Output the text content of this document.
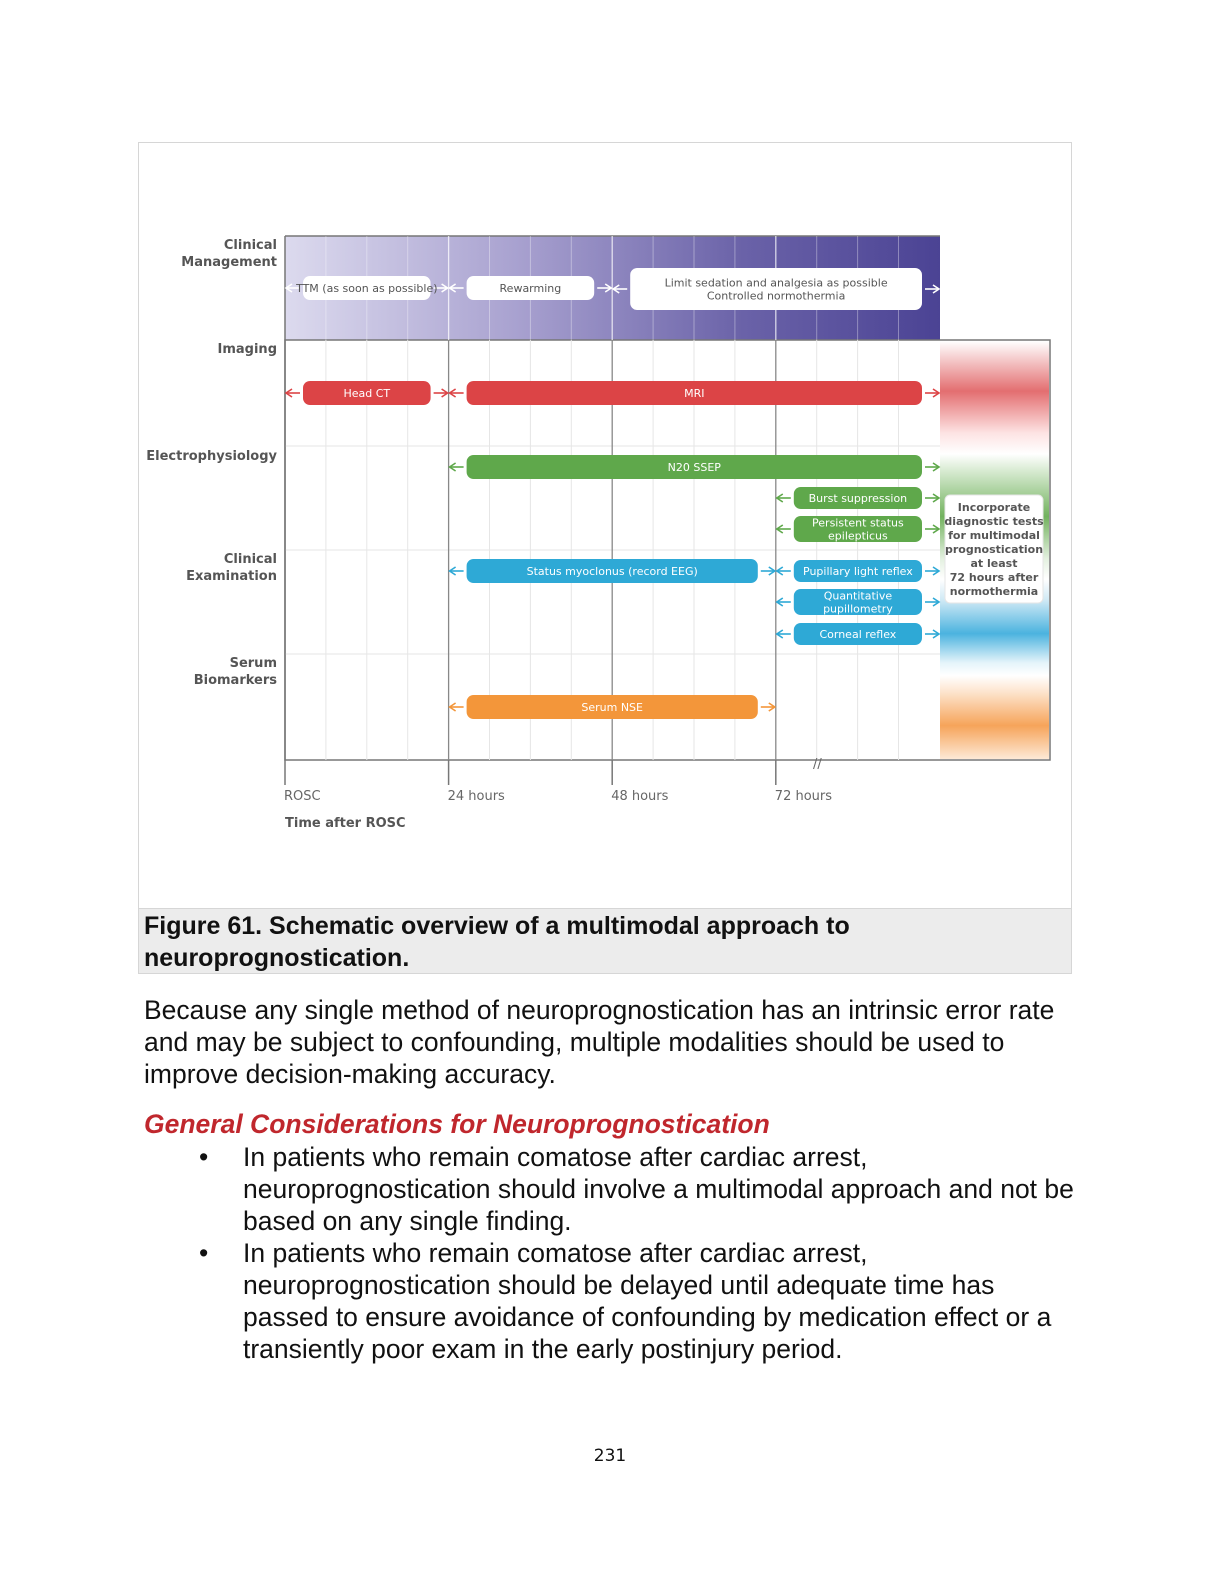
Clinical Management
Imaging
Electrophysiology
Clinical Examination
Serum Biomarkers
TTM (as soon as possible)	Rewarming	Limit sedation and analgesia as possible Controlled normothermia
Head CT	MRI
N20 SSEP
Burst suppression
Persistent status epilepticus
Status myoclonus (record EEG)	Pupillary light reflex
Quantitative pupillometry
Corneal reflex
Serum NSE
ROSC	24 hours	48 hours	72 hours
Time after ROSC
//
Incorporate diagnostic tests for multimodal prognostication at least 72 hours after normothermia
Figure 61. Schematic overview of a multimodal approach to neuroprognostication.
Because any single method of neuroprognostication has an intrinsic error rate and may be subject to confounding, multiple modalities should be used to improve decision-making accuracy.
General Considerations for Neuroprognostication
• In patients who remain comatose after cardiac arrest, neuroprognostication should involve a multimodal approach and not be based on any single finding.
• In patients who remain comatose after cardiac arrest, neuroprognostication should be delayed until adequate time has passed to ensure avoidance of confounding by medication effect or a transiently poor exam in the early postinjury period.
231
